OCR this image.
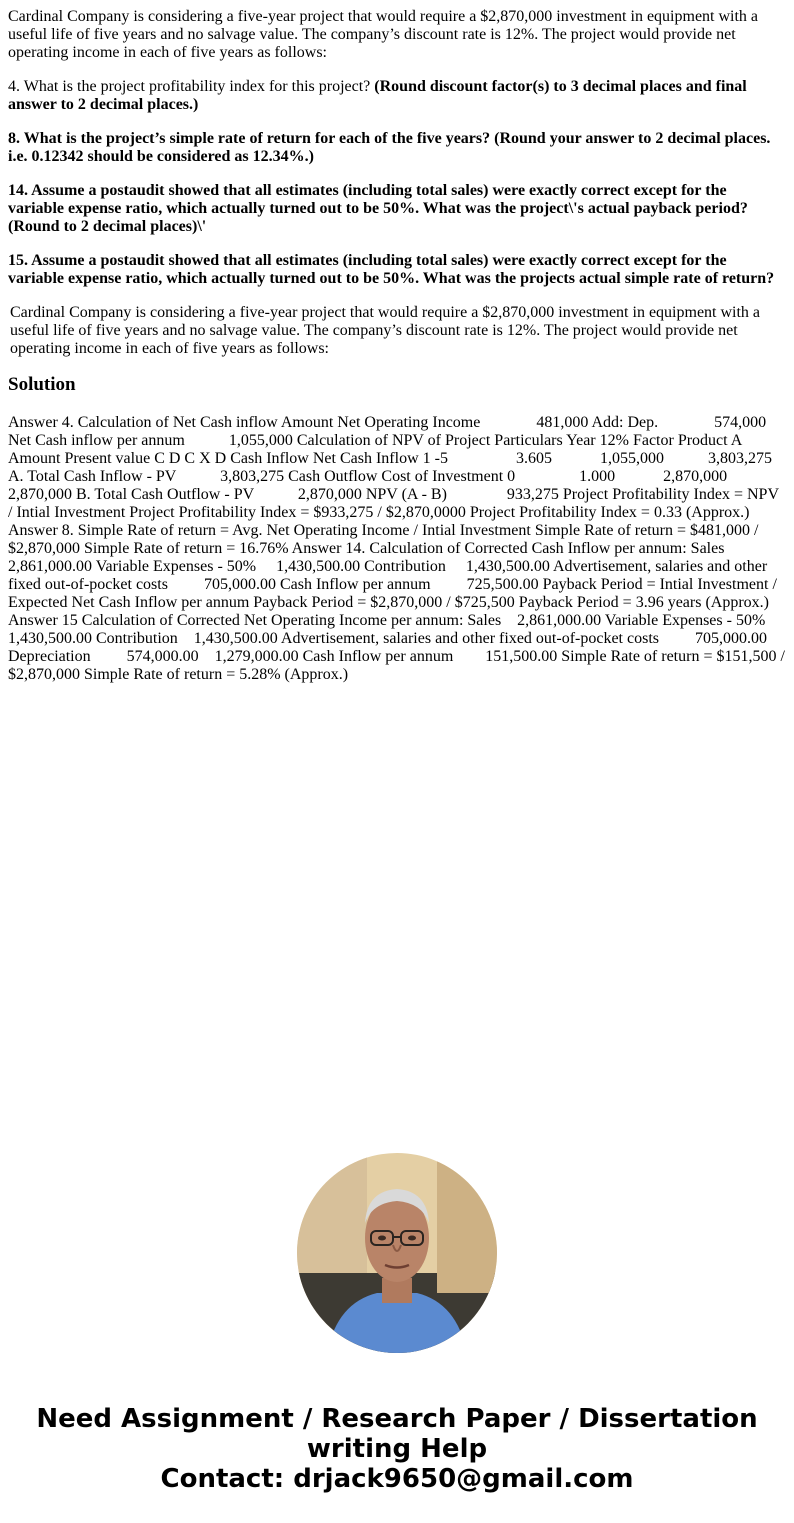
Cardinal Company is considering a five-year project that would require a $2,870,000 investment in equipment with a useful life of five years and no salvage value. The company’s discount rate is 12%. The project would provide net operating income in each of five years as follows:

4. What is the project profitability index for this project? (Round discount factor(s) to 3 decimal places and final answer to 2 decimal places.)

8. What is the project’s simple rate of return for each of the five years? (Round your answer to 2 decimal places. i.e. 0.12342 should be considered as 12.34%.)

14. Assume a postaudit showed that all estimates (including total sales) were exactly correct except for the variable expense ratio, which actually turned out to be 50%. What was the project\'s actual payback period? (Round to 2 decimal places)\'

15. Assume a postaudit showed that all estimates (including total sales) were exactly correct except for the variable expense ratio, which actually turned out to be 50%. What was the projects actual simple rate of return?

Cardinal Company is considering a five-year project that would require a $2,870,000 investment in equipment with a useful life of five years and no salvage value. The company’s discount rate is 12%. The project would provide net operating income in each of five years as follows:

Solution

Answer 4. Calculation of Net Cash inflow Amount Net Operating Income              481,000 Add: Dep.              574,000 Net Cash inflow per annum           1,055,000 Calculation of NPV of Project Particulars Year 12% Factor Product A Amount Present value C D C X D Cash Inflow Net Cash Inflow 1 -5                 3.605            1,055,000           3,803,275 A. Total Cash Inflow - PV           3,803,275 Cash Outflow Cost of Investment 0                1.000            2,870,000 2,870,000 B. Total Cash Outflow - PV           2,870,000 NPV (A - B)               933,275 Project Profitability Index = NPV / Intial Investment Project Profitability Index = $933,275 / $2,870,0000 Project Profitability Index = 0.33 (Approx.) Answer 8. Simple Rate of return = Avg. Net Operating Income / Intial Investment Simple Rate of return = $481,000 / $2,870,000 Simple Rate of return = 16.76% Answer 14. Calculation of Corrected Cash Inflow per annum: Sales 2,861,000.00 Variable Expenses - 50%     1,430,500.00 Contribution     1,430,500.00 Advertisement, salaries and other fixed out-of-pocket costs         705,000.00 Cash Inflow per annum         725,500.00 Payback Period = Intial Investment / Expected Net Cash Inflow per annum Payback Period = $2,870,000 / $725,500 Payback Period = 3.96 years (Approx.) Answer 15 Calculation of Corrected Net Operating Income per annum: Sales    2,861,000.00 Variable Expenses - 50% 1,430,500.00 Contribution    1,430,500.00 Advertisement, salaries and other fixed out-of-pocket costs         705,000.00 Depreciation         574,000.00    1,279,000.00 Cash Inflow per annum        151,500.00 Simple Rate of return = $151,500 / $2,870,000 Simple Rate of return = 5.28% (Approx.)

Need Assignment / Research Paper / Dissertation writing Help
Contact: drjack9650@gmail.com
